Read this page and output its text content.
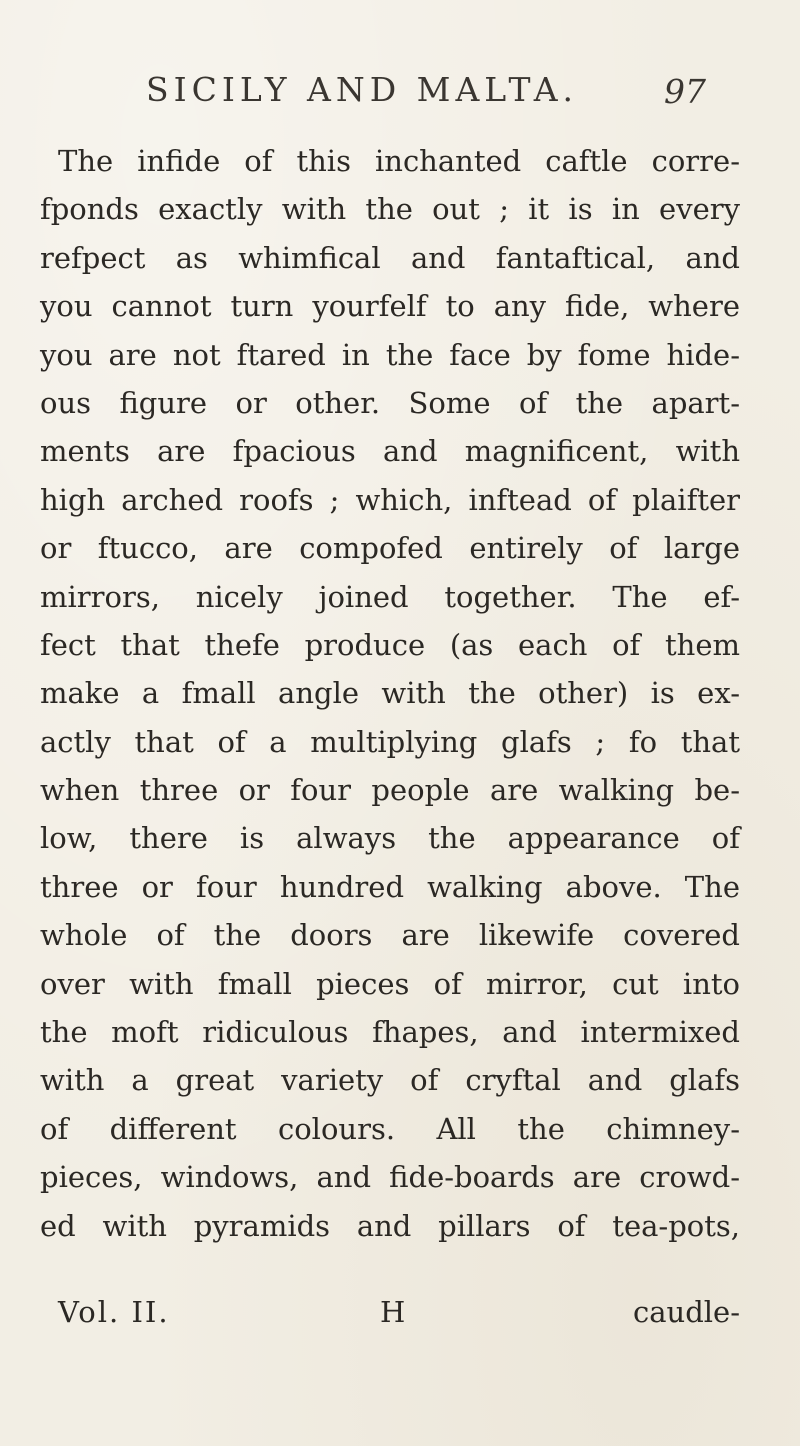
SICILY AND MALTA.	97
The infide of this inchanted caftle corre-
fponds exactly with the out ; it is in every
refpect as whimfical and fantaftical, and
you cannot turn yourfelf to any fide, where
you are not ftared in the face by fome hide-
ous figure or other. Some of the apart-
ments are fpacious and magnificent, with
high arched roofs ; which, inftead of plaifter
or ftucco, are compofed entirely of large
mirrors, nicely joined together. The ef-
fect that thefe produce (as each of them
make a fmall angle with the other) is ex-
actly that of a multiplying glafs ; fo that
when three or four people are walking be-
low, there is always the appearance of
three or four hundred walking above. The
whole of the doors are likewife covered
over with fmall pieces of mirror, cut into
the moft ridiculous fhapes, and intermixed
with a great variety of cryftal and glafs
of different colours. All the chimney-
pieces, windows, and fide-boards are crowd-
ed with pyramids and pillars of tea-pots,
Vol. II.	H	caudle-
